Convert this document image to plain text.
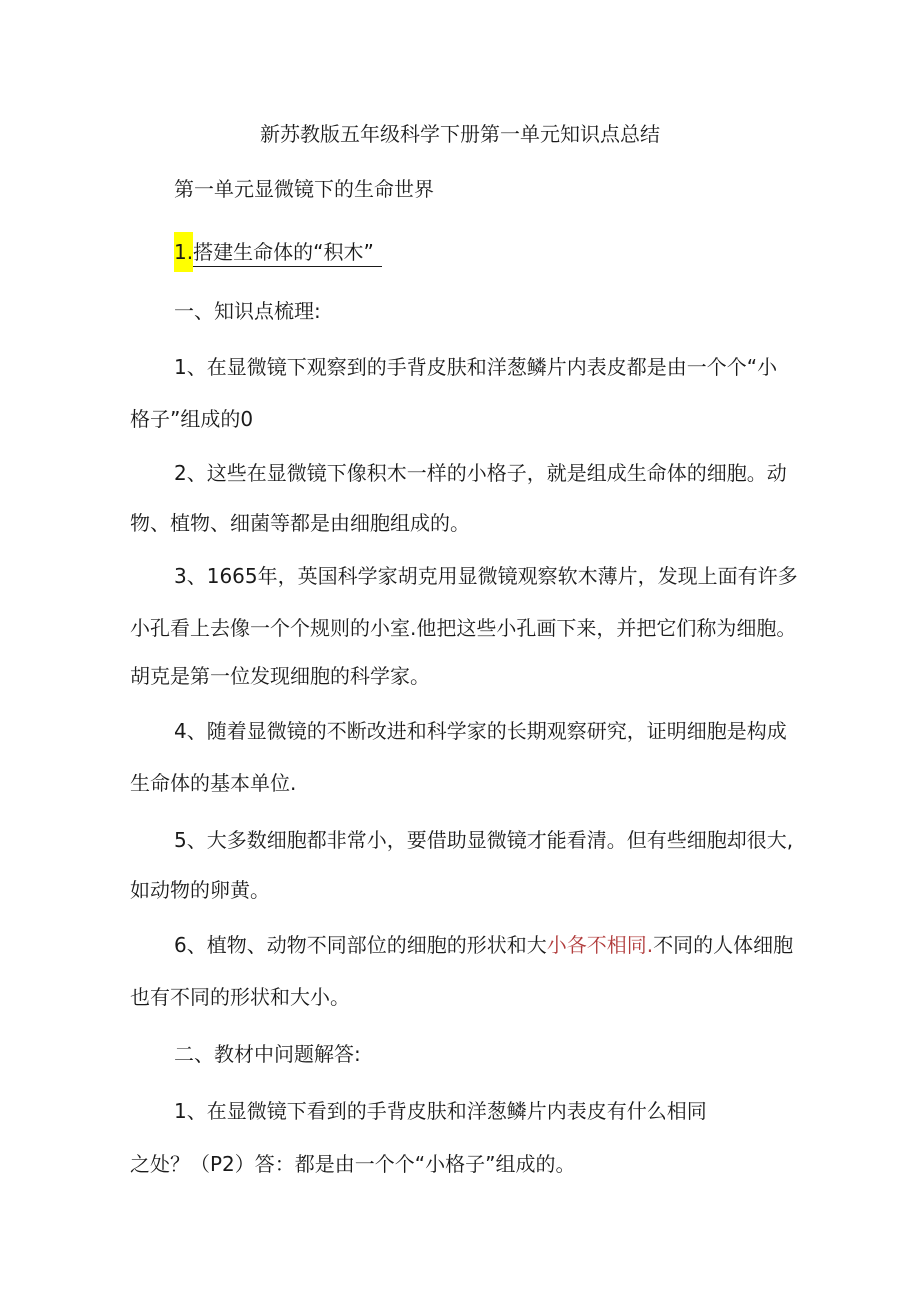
新苏教版五年级科学下册第一单元知识点总结

第一单元显微镜下的生命世界

1.搭建生命体的“积木”

一、知识点梳理:

1、在显微镜下观察到的手背皮肤和洋葱鳞片内表皮都是由一个个“小

格子”组成的0

2、这些在显微镜下像积木一样的小格子，就是组成生命体的细胞。动

物、植物、细菌等都是由细胞组成的。

3、1665年，英国科学家胡克用显微镜观察软木薄片，发现上面有许多

小孔看上去像一个个规则的小室.他把这些小孔画下来，并把它们称为细胞。

胡克是第一位发现细胞的科学家。

4、随着显微镜的不断改进和科学家的长期观察研究，证明细胞是构成

生命体的基本单位.

5、大多数细胞都非常小，要借助显微镜才能看清。但有些细胞却很大,

如动物的卵黄。

6、植物、动物不同部位的细胞的形状和大小各不相同.不同的人体细胞

也有不同的形状和大小。

二、教材中问题解答:

1、在显微镜下看到的手背皮肤和洋葱鳞片内表皮有什么相同

之处？（P2）答：都是由一个个“小格子”组成的。
